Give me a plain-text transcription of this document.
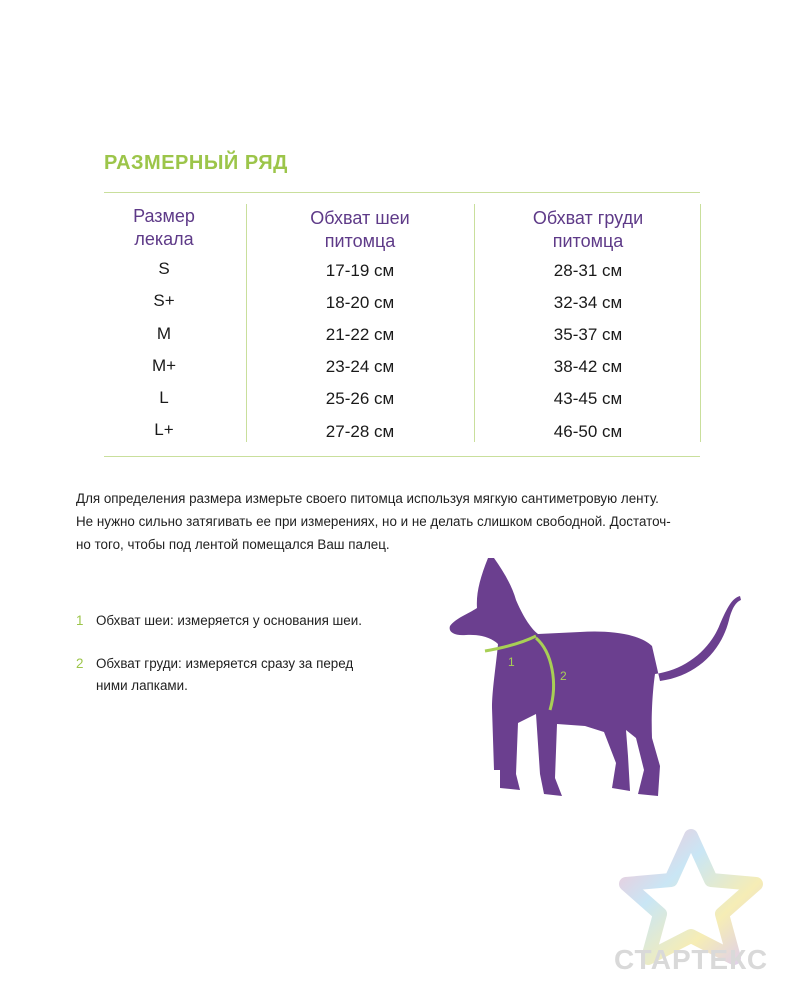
РАЗМЕРНЫЙ РЯД
Размер
лекала
Обхват шеи
питомца
Обхват груди
питомца
S	17-19 см	28-31 см
S+	18-20 см	32-34 см
M	21-22 см	35-37 см
M+	23-24 см	38-42 см
L	25-26 см	43-45 см
L+	27-28 см	46-50 см
Для определения размера измерьте своего питомца используя мягкую сантиметровую ленту.
Не нужно сильно затягивать ее при измерениях, но и не делать слишком свободной. Достаточ-
но того, чтобы под лентой помещался Ваш палец.
1 Обхват шеи: измеряется у основания шеи.
2 Обхват груди: измеряется сразу за перед
ними лапками.
1
2
СТАРТЕКС
